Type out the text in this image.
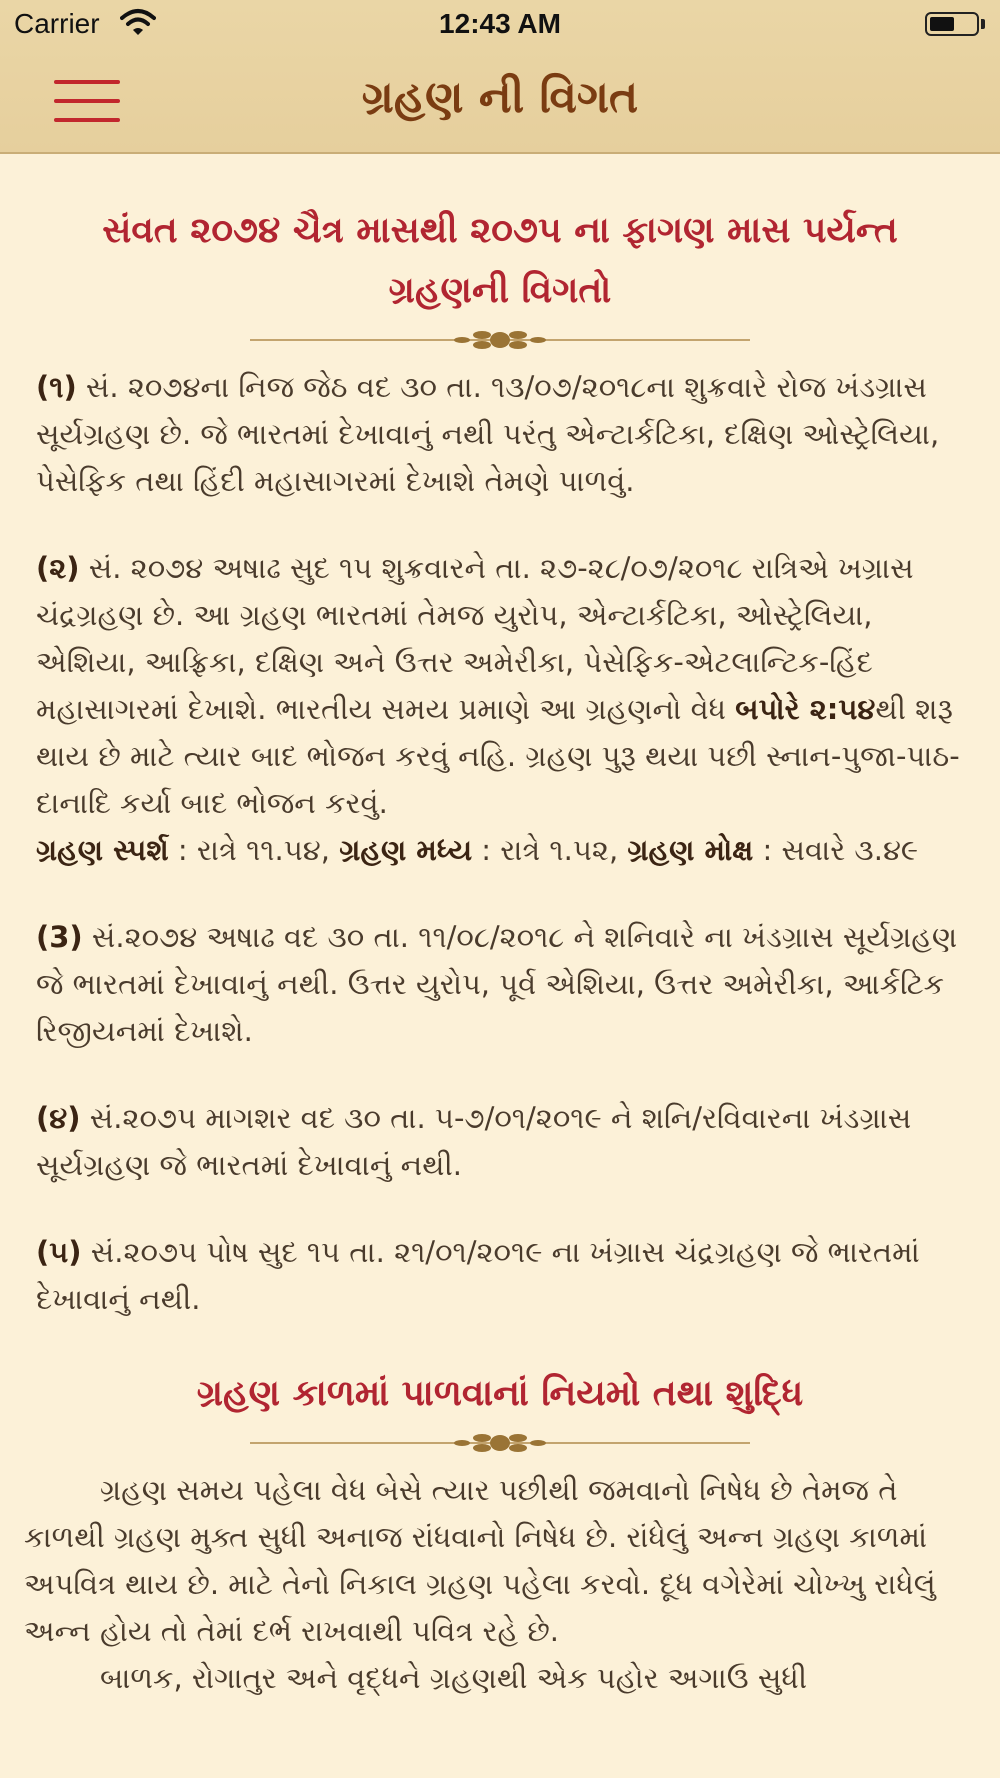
Carrier	12:43 AM
ગ્રહણ ની વિગત
સંવત ૨૦૭૪ ચૈત્ર માસથી ૨૦૭૫ ના ફાગણ માસ પર્યન્ત ગ્રહણની વિગતો
(૧) સં. ૨૦૭૪ના નિજ જેઠ વદ ૩૦ તા. ૧૩/૦૭/૨૦૧૮ના શુક્રવારે રોજ ખંડગ્રાસ સૂર્યગ્રહણ છે. જે ભારતમાં દેખાવાનું નથી પરંતુ એન્ટાર્કટિકા, દક્ષિણ ઓસ્ટ્રેલિયા, પેસેફિક તથા હિંદી મહાસાગરમાં દેખાશે તેમણે પાળવું.
(૨) સં. ૨૦૭૪ અષાઢ સુદ ૧૫ શુક્રવારને તા. ૨૭-૨૮/૦૭/૨૦૧૮ રાત્રિએ ખગ્રાસ ચંદ્રગ્રહણ છે. આ ગ્રહણ ભારતમાં તેમજ યુરોપ, એન્ટાર્કટિકા, ઓસ્ટ્રેલિયા, એશિયા, આફ્રિકા, દક્ષિણ અને ઉત્તર અમેરીકા, પેસેફિક-એટલાન્ટિક-હિંદ મહાસાગરમાં દેખાશે. ભારતીય સમય પ્રમાણે આ ગ્રહણનો વેધ બપોરે ૨:૫૪થી શરૂ થાય છે માટે ત્યાર બાદ ભોજન કરવું નહિ. ગ્રહણ પુરૂ થયા પછી સ્નાન-પુજા-પાઠ-દાનાદિ કર્યા બાદ ભોજન કરવું.
ગ્રહણ સ્પર્શ : રાત્રે ૧૧.૫૪, ગ્રહણ મધ્ય : રાત્રે ૧.૫૨, ગ્રહણ મોક્ષ : સવારે ૩.૪૯
(3) સં.૨૦૭૪ અષાઢ વદ ૩૦ તા. ૧૧/૦૮/૨૦૧૮ ને શનિવારે ના ખંડગ્રાસ સૂર્યગ્રહણ જે ભારતમાં દેખાવાનું નથી. ઉત્તર યુરોપ, પૂર્વ એશિયા, ઉત્તર અમેરીકા, આર્કટિક રિજીયનમાં દેખાશે.
(૪) સં.૨૦૭૫ માગશર વદ ૩૦ તા. ૫-૭/૦૧/૨૦૧૯ ને શનિ/રવિવારના ખંડગ્રાસ સૂર્યગ્રહણ જે ભારતમાં દેખાવાનું નથી.
(૫) સં.૨૦૭૫ પોષ સુદ ૧૫ તા. ૨૧/૦૧/૨૦૧૯ ના ખંગ્રાસ ચંદ્રગ્રહણ જે ભારતમાં દેખાવાનું નથી.
ગ્રહણ કાળમાં પાળવાનાં નિયમો તથા શુદ્ધિ
ગ્રહણ સમય પહેલા વેધ બેસે ત્યાર પછીથી જમવાનો નિષેધ છે તેમજ તે કાળથી ગ્રહણ મુક્ત સુધી અનાજ રાંધવાનો નિષેધ છે. રાંધેલું અન્ન ગ્રહણ કાળમાં અપવિત્ર થાય છે. માટે તેનો નિકાલ ગ્રહણ પહેલા કરવો. દૂધ વગેરેમાં ચોખ્ખુ રાધેલું અન્ન હોય તો તેમાં દર્ભ રાખવાથી પવિત્ર રહે છે.
બાળક, રોગાતુર અને વૃદ્ધને ગ્રહણથી એક પહોર અગાઉ સુધી
